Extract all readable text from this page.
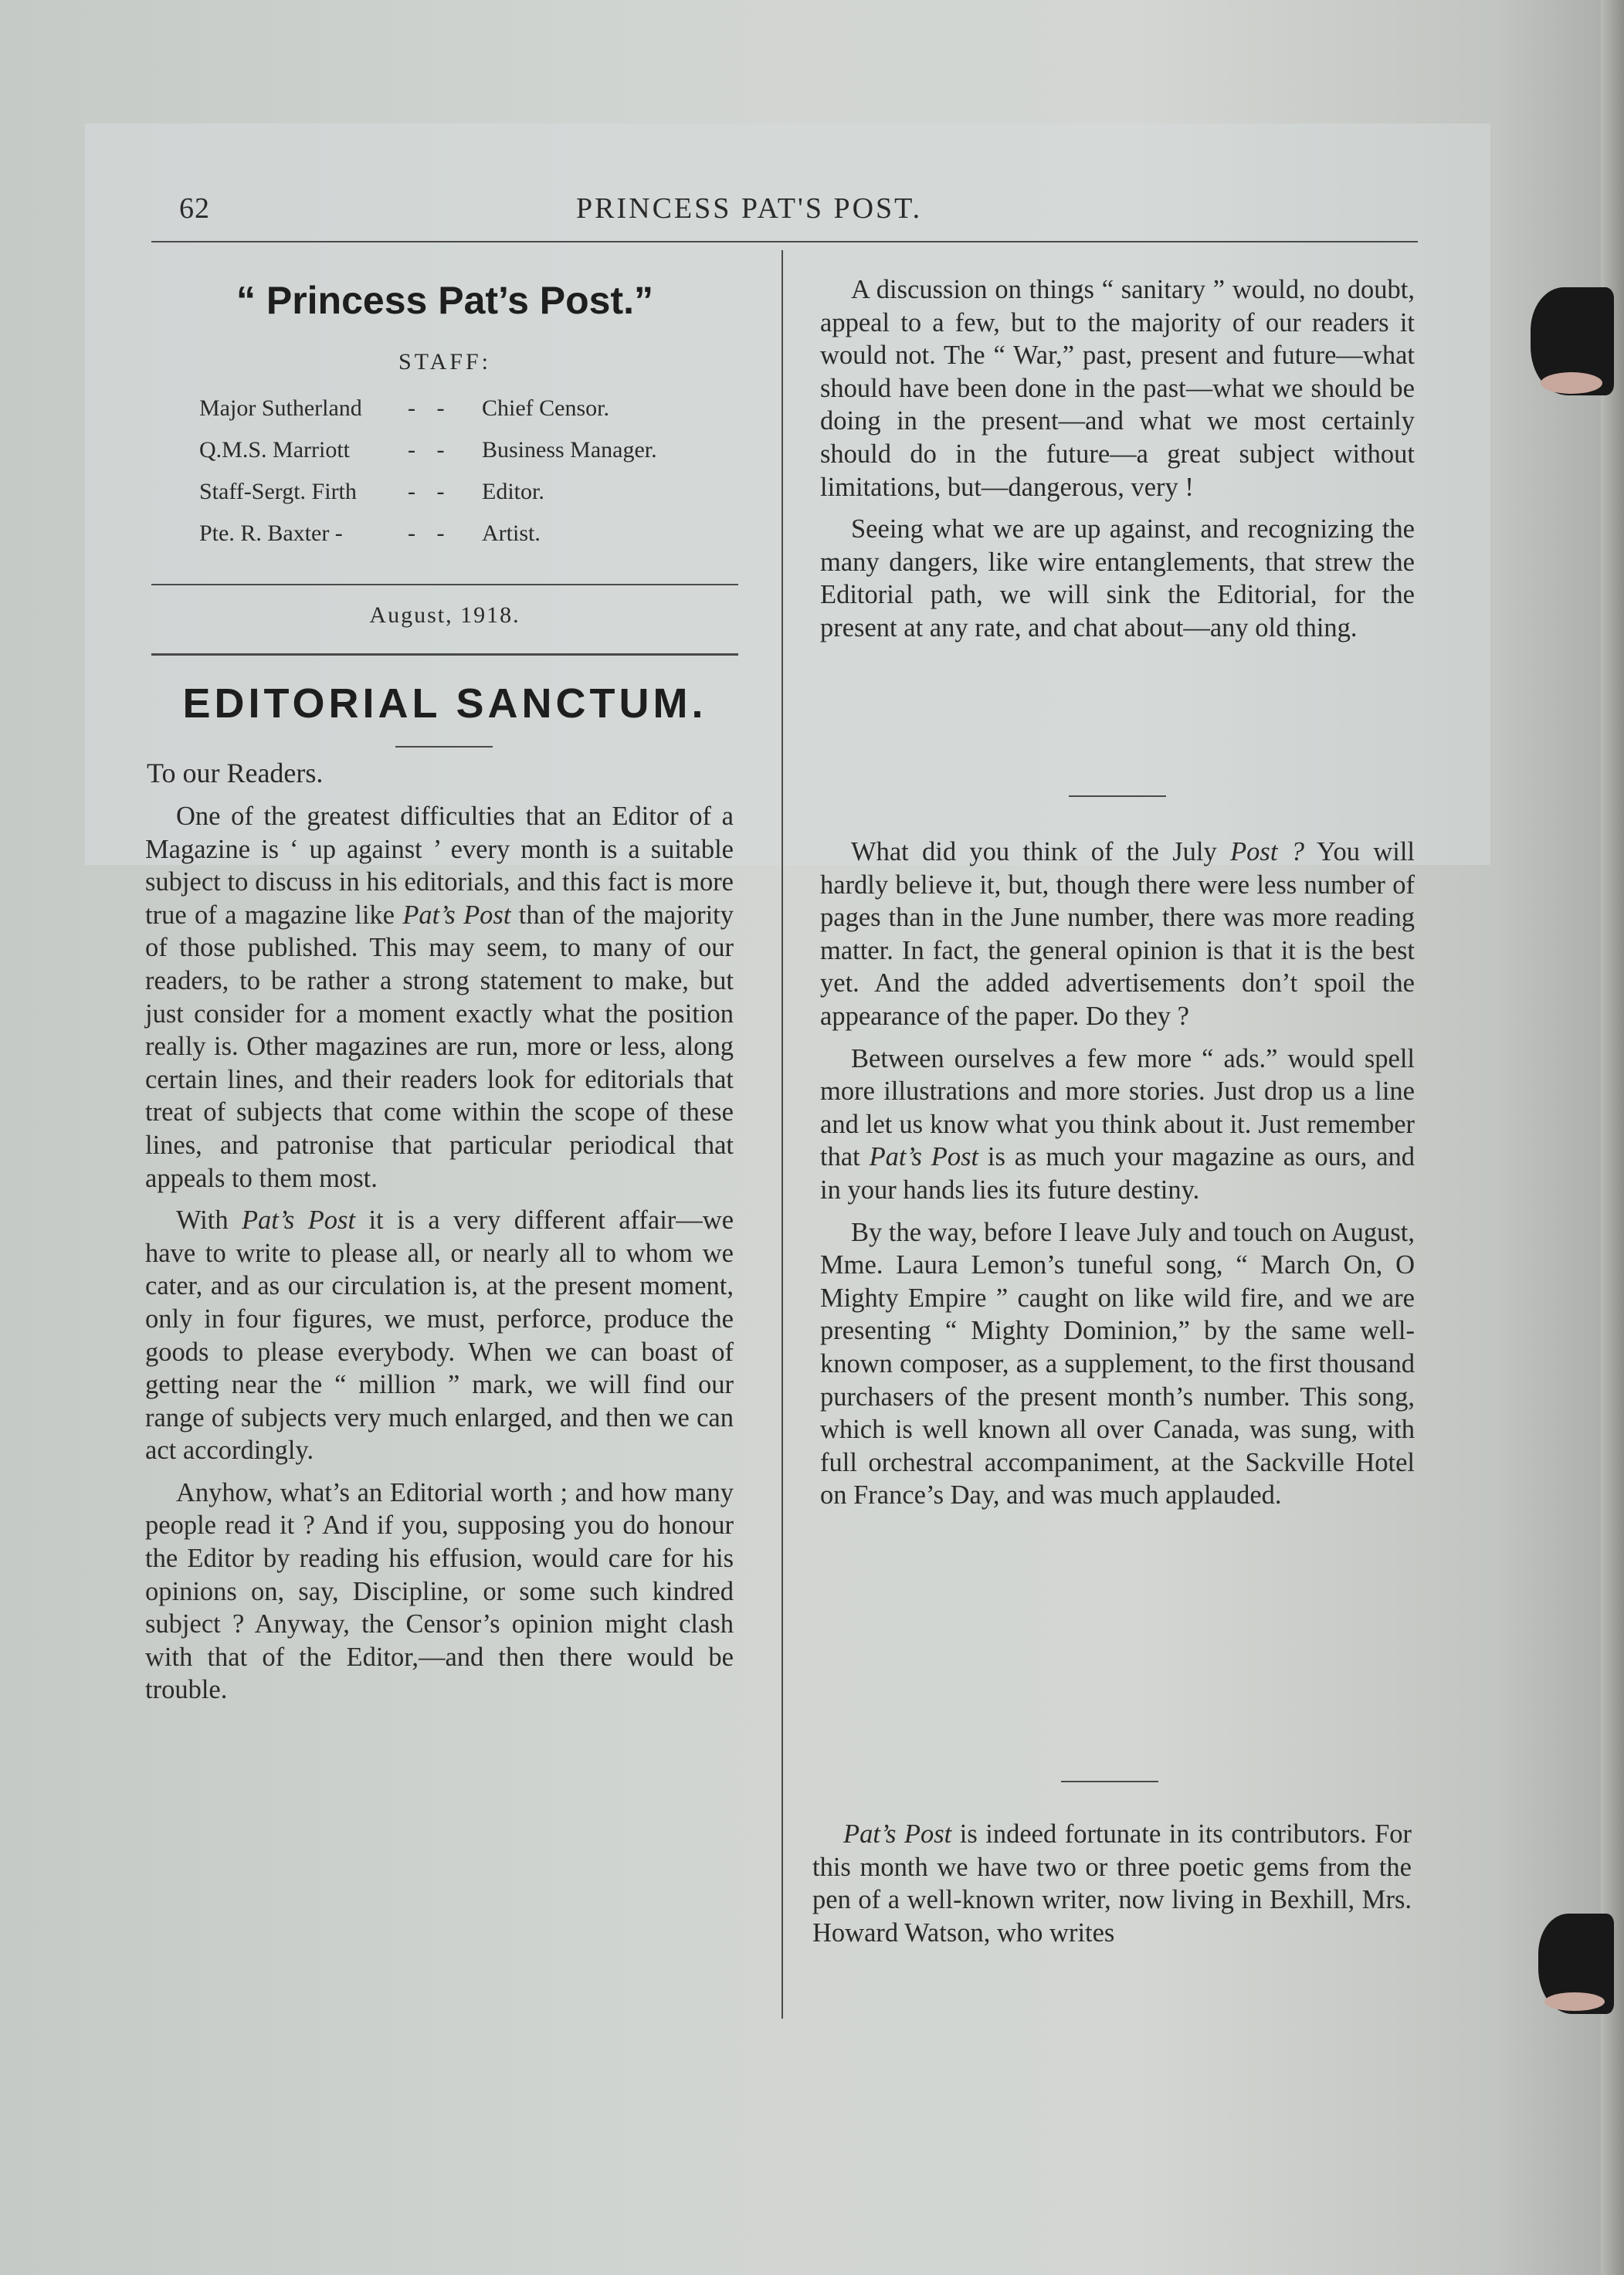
62	PRINCESS PAT'S POST.
“ Princess Pat’s Post.”
STAFF:
Major Sutherland - - Chief Censor.
Q.M.S. Marriott	- - Business Manager.
Staff-Sergt. Firth - - Editor.
Pte. R. Baxter -	- - Artist.
August, 1918.
EDITORIAL SANCTUM.
To our Readers.

One of the greatest difficulties that an Editor of a Magazine is ‘ up against ’ every month is a suitable subject to discuss in his editorials, and this fact is more true of a magazine like Pat’s Post than of the majority of those published. This may seem, to many of our readers, to be rather a strong statement to make, but just consider for a moment exactly what the position really is. Other magazines are run, more or less, along certain lines, and their readers look for editorials that treat of subjects that come within the scope of these lines, and patronise that particular periodical that appeals to them most.

With Pat’s Post it is a very different affair—we have to write to please all, or nearly all to whom we cater, and as our circulation is, at the present moment, only in four figures, we must, perforce, produce the goods to please everybody. When we can boast of getting near the “ million ” mark, we will find our range of subjects very much enlarged, and then we can act accordingly.

Anyhow, what’s an Editorial worth ; and how many people read it ? And if you, supposing you do honour the Editor by reading his effusion, would care for his opinions on, say, Discipline, or some such kindred subject ? Anyway, the Censor’s opinion might clash with that of the Editor,—and then there would be trouble.

A discussion on things “ sanitary ” would, no doubt, appeal to a few, but to the majority of our readers it would not. The “ War,” past, present and future—what should have been done in the past—what we should be doing in the present—and what we most certainly should do in the future—a great subject without limitations, but—dangerous, very !

Seeing what we are up against, and recognizing the many dangers, like wire entanglements, that strew the Editorial path, we will sink the Editorial, for the present at any rate, and chat about—any old thing.

What did you think of the July Post ? You will hardly believe it, but, though there were less number of pages than in the June number, there was more reading matter. In fact, the general opinion is that it is the best yet. And the added advertisements don’t spoil the appearance of the paper. Do they ?

Between ourselves a few more “ ads.” would spell more illustrations and more stories. Just drop us a line and let us know what you think about it. Just remember that Pat’s Post is as much your magazine as ours, and in your hands lies its future destiny.

By the way, before I leave July and touch on August, Mme. Laura Lemon’s tuneful song, “ March On, O Mighty Empire ” caught on like wild fire, and we are presenting “ Mighty Dominion,” by the same well-known composer, as a supplement, to the first thousand purchasers of the present month’s number. This song, which is well known all over Canada, was sung, with full orchestral accompaniment, at the Sackville Hotel on France’s Day, and was much applauded.

Pat’s Post is indeed fortunate in its contributors. For this month we have two or three poetic gems from the pen of a well-known writer, now living in Bexhill, Mrs. Howard Watson, who writes
